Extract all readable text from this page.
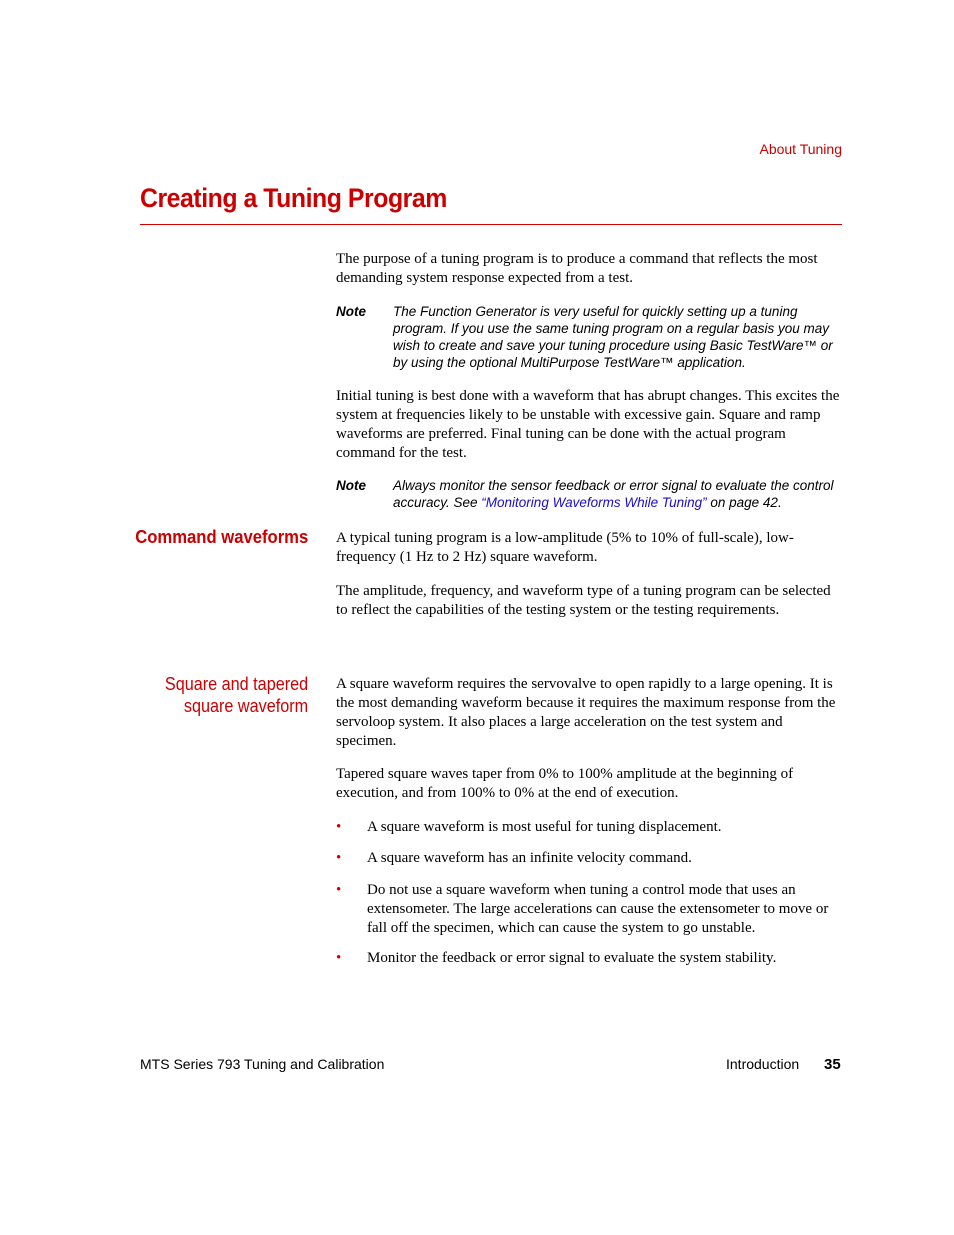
About Tuning
Creating a Tuning Program
The purpose of a tuning program is to produce a command that reflects the most demanding system response expected from a test.
Note The Function Generator is very useful for quickly setting up a tuning program. If you use the same tuning program on a regular basis you may wish to create and save your tuning procedure using Basic TestWare™ or by using the optional MultiPurpose TestWare™ application.
Initial tuning is best done with a waveform that has abrupt changes. This excites the system at frequencies likely to be unstable with excessive gain. Square and ramp waveforms are preferred. Final tuning can be done with the actual program command for the test.
Note Always monitor the sensor feedback or error signal to evaluate the control accuracy. See “Monitoring Waveforms While Tuning” on page 42.
Command waveforms A typical tuning program is a low-amplitude (5% to 10% of full-scale), low-frequency (1 Hz to 2 Hz) square waveform.
The amplitude, frequency, and waveform type of a tuning program can be selected to reflect the capabilities of the testing system or the testing requirements.
Square and tapered
square waveform
A square waveform requires the servovalve to open rapidly to a large opening. It is the most demanding waveform because it requires the maximum response from the servoloop system. It also places a large acceleration on the test system and specimen.
Tapered square waves taper from 0% to 100% amplitude at the beginning of execution, and from 100% to 0% at the end of execution.
• A square waveform is most useful for tuning displacement.
• A square waveform has an infinite velocity command.
• Do not use a square waveform when tuning a control mode that uses an extensometer. The large accelerations can cause the extensometer to move or fall off the specimen, which can cause the system to go unstable.
• Monitor the feedback or error signal to evaluate the system stability.
MTS Series 793 Tuning and Calibration	Introduction 35
